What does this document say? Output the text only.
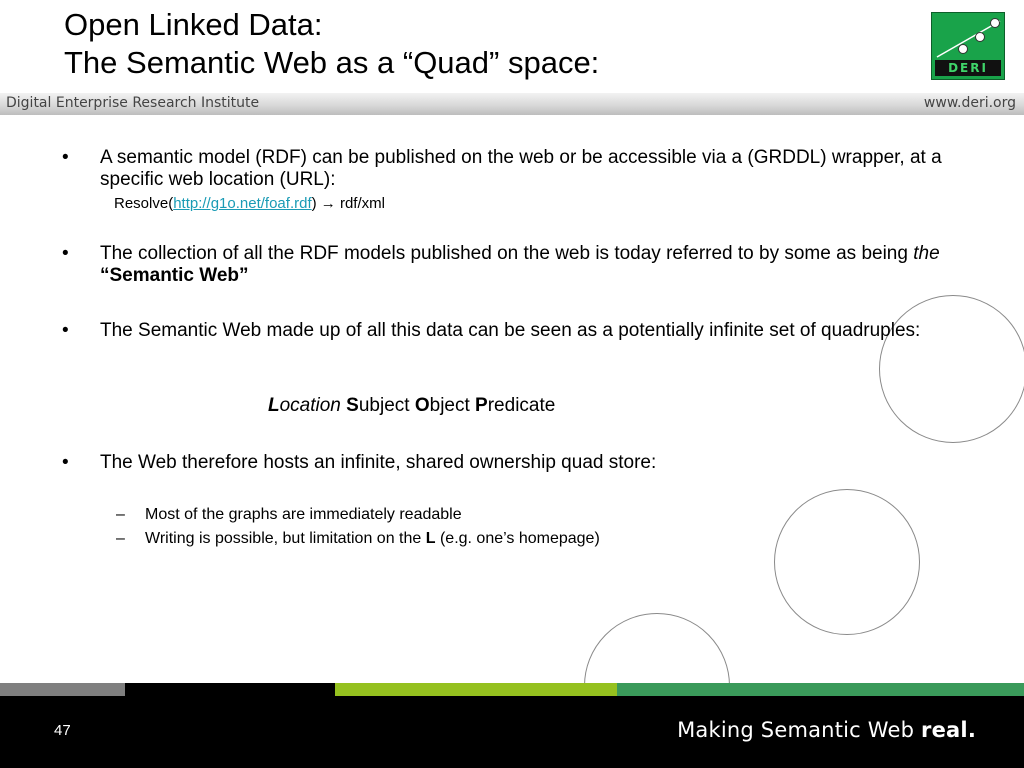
Open Linked Data:
The Semantic Web as a “Quad” space:	DERI
Digital Enterprise Research Institute	www.deri.org
• A semantic model (RDF) can be published on the web or be accessible via a (GRDDL) wrapper, at a specific web location (URL):
Resolve(http://g1o.net/foaf.rdf) → rdf/xml
• The collection of all the RDF models published on the web is today referred to by some as being the “Semantic Web”
• The Semantic Web made up of all this data can be seen as a potentially infinite set of quadruples:
Location Subject Object Predicate
• The Web therefore hosts an infinite, shared ownership quad store:
– Most of the graphs are immediately readable
– Writing is possible, but limitation on the L (e.g. one’s homepage)
47	Making Semantic Web real.
